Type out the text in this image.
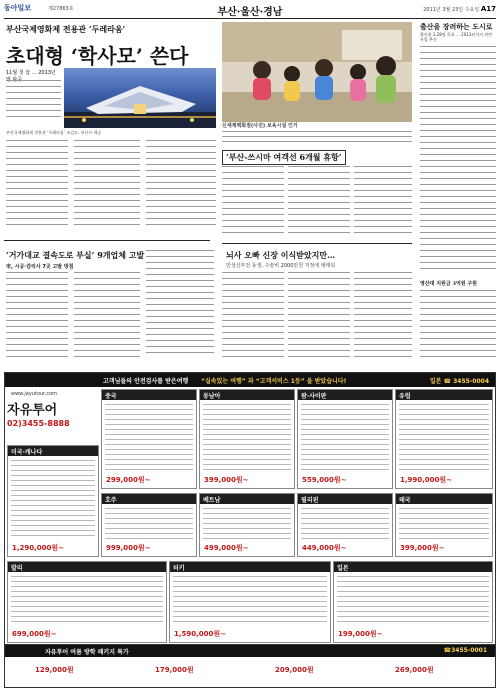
동아일보	제27863호	부산·울산·경남	2011년 3월 23일 수요일 A17
부산국제영화제 전용관 ‘두레라움’
초대형 ‘학사모’ 쓴다
11월 첫 삽 … 2013년
부산국제영화제 전용관 ‘두레라움’ 조감도. 부산시 제공
신세계백화점(사진) 보육시설 인기
출산을 장려하는 도시로
출산율 1.28명 목표 … 2013년까지 관련 사업 추진
영산대 지원금 3억원 구원
‘거가대교 결속도로 부실’ 9개업체 고발
市, 시공·감리사 7곳 고발 방침
‘부산-쓰시마 여객선 6개월 휴항’
뇌사 오빠 신장 이식받았지만…
만성신부전 동생, 수술비 2000만원 걱정에 애태워
고객님들의 안전검사를 받은여행 “실속있는 여행” 과 “고객서비스 1등” 을 받았습니다!	일본 ☎ 3455-0004
www.jayutour.com
자유투어
02)3455-8888
중국
299,000원~
동남아
399,000원~
괌·사이판
559,000원~
유럽
1,990,000원~
미국·캐나다
1,290,000원~
호주
999,000원~
베트남
499,000원~
필리핀
449,000원~
태국
399,000원~
발리
699,000원~
터키
1,590,000원~
일본
199,000원~
자유투어 여름 방학 패키지 특가	☎3455-0001
129,000원	179,000원	209,000원	269,000원
